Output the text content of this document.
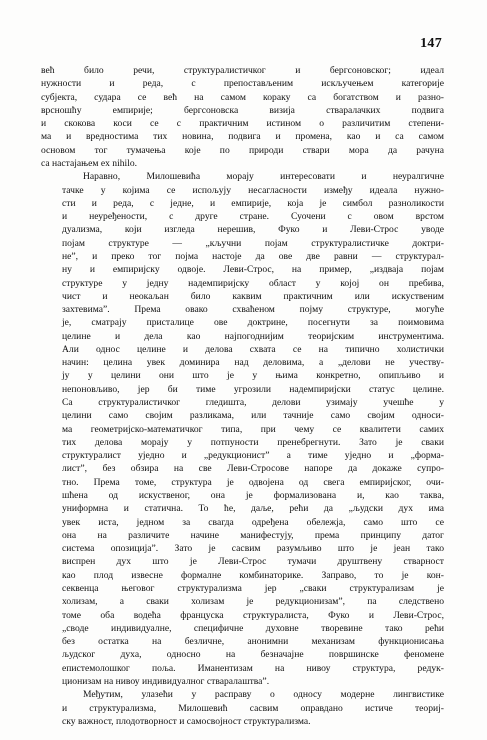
147
већ било речи, структуралистичког и бергсоновског; идеал
нужности и реда, с препостављеним искључењем категорије
субјекта, судара се већ на самом кораку са богатством и разно-
врсношћу емпирије; бергсоновска визија стваралачких подвига
и скокова коси се с практичним истином о различитим степени-
ма и вредностима тих новина, подвига и промена, као и са самом
основом тог тумачења које по природи ствари мора да рачуна
са настајањем ex nihilo.
Наравно, Милошевића морају интересовати и неуралгичне
тачке у којима се испољују несагласности између идеала нужно-
сти и реда, с једне, и емпирије, која је симбол разноликости
и неуређености, с друге стране. Суочени с овом врстом
дуализма, који изгледа нерешив, Фуко и Леви-Строс уводе
појам структуре — „кључни појам структуралистичке доктри-
не”, и преко тог појма настоје да ове две равни — структурал-
ну и емпиријску одвоје. Леви-Строс, на пример, „издваја појам
структуре у једну надемпиријску област у којој он пребива,
чист и неокаљан било каквим практичним или искуственим
захтевима”. Према овако схваћеном појму структуре, могуће
је, сматрају присталице ове доктрине, посегнути за поимовима
целине и дела као најпогоднијим теоријским инструментима.
Али однос целине и делова схвата се на типично холистички
начин: целина увек доминира над деловима, а „делови не учеству-
ју у целини они што је у њима конкретно, опипљиво и
непоновљиво, јер би тиме угрозили надемпиријски статус целине.
Са структуралистичког гледишта, делови узимају учешће у
целини само својим разликама, или тачније само својим односи-
ма геометријско-математичког типа, при чему се квалитети самих
тих делова морају у потпуности пренебрегнути. Зато је сваки
структуралист уједно и „редукционист” а тиме уједно и „форма-
лист”, без обзира на све Леви-Стросове напоре да докаже супро-
тно. Према томе, структура је одвојена од свега емпиријског, очи-
шћена од искуственог, она је формализована и, као таква,
униформна и статична. То ће, даље, рећи да „људски дух има
увек иста, једном за свагда одређена обележја, само што се
она на различите начине манифестују, према принципу датог
система опозиција”. Зато је сасвим разумљиво што је јеан тако
виспрен дух што је Леви-Строс тумачи друштвену стварност
као плод извесне формалне комбинаторике. Заправо, то је кон-
секвенца његовог структурализма јер „сваки структурализам је
холизам, а сваки холизам је редукционизам”, па следствено
томе оба водећа француска структуралиста, Фуко и Леви-Строс,
„своде индивидуалне, специфичне духовне творевине тако рећи
без остатка на безличне, анонимни механизам функционисања
људског духа, односно на безначајне површинске феномене
епистемолошког поља. Иманентизам на нивоу структура, редук-
ционизам на нивоу индивидуалног стваралаштва”.
Међутим, улазећи у расправу о односу модерне лингвистике
и структурализма, Милошевић сасвим оправдано истиче теориј-
ску важност, плодотворност и самосвојност структурализма.
